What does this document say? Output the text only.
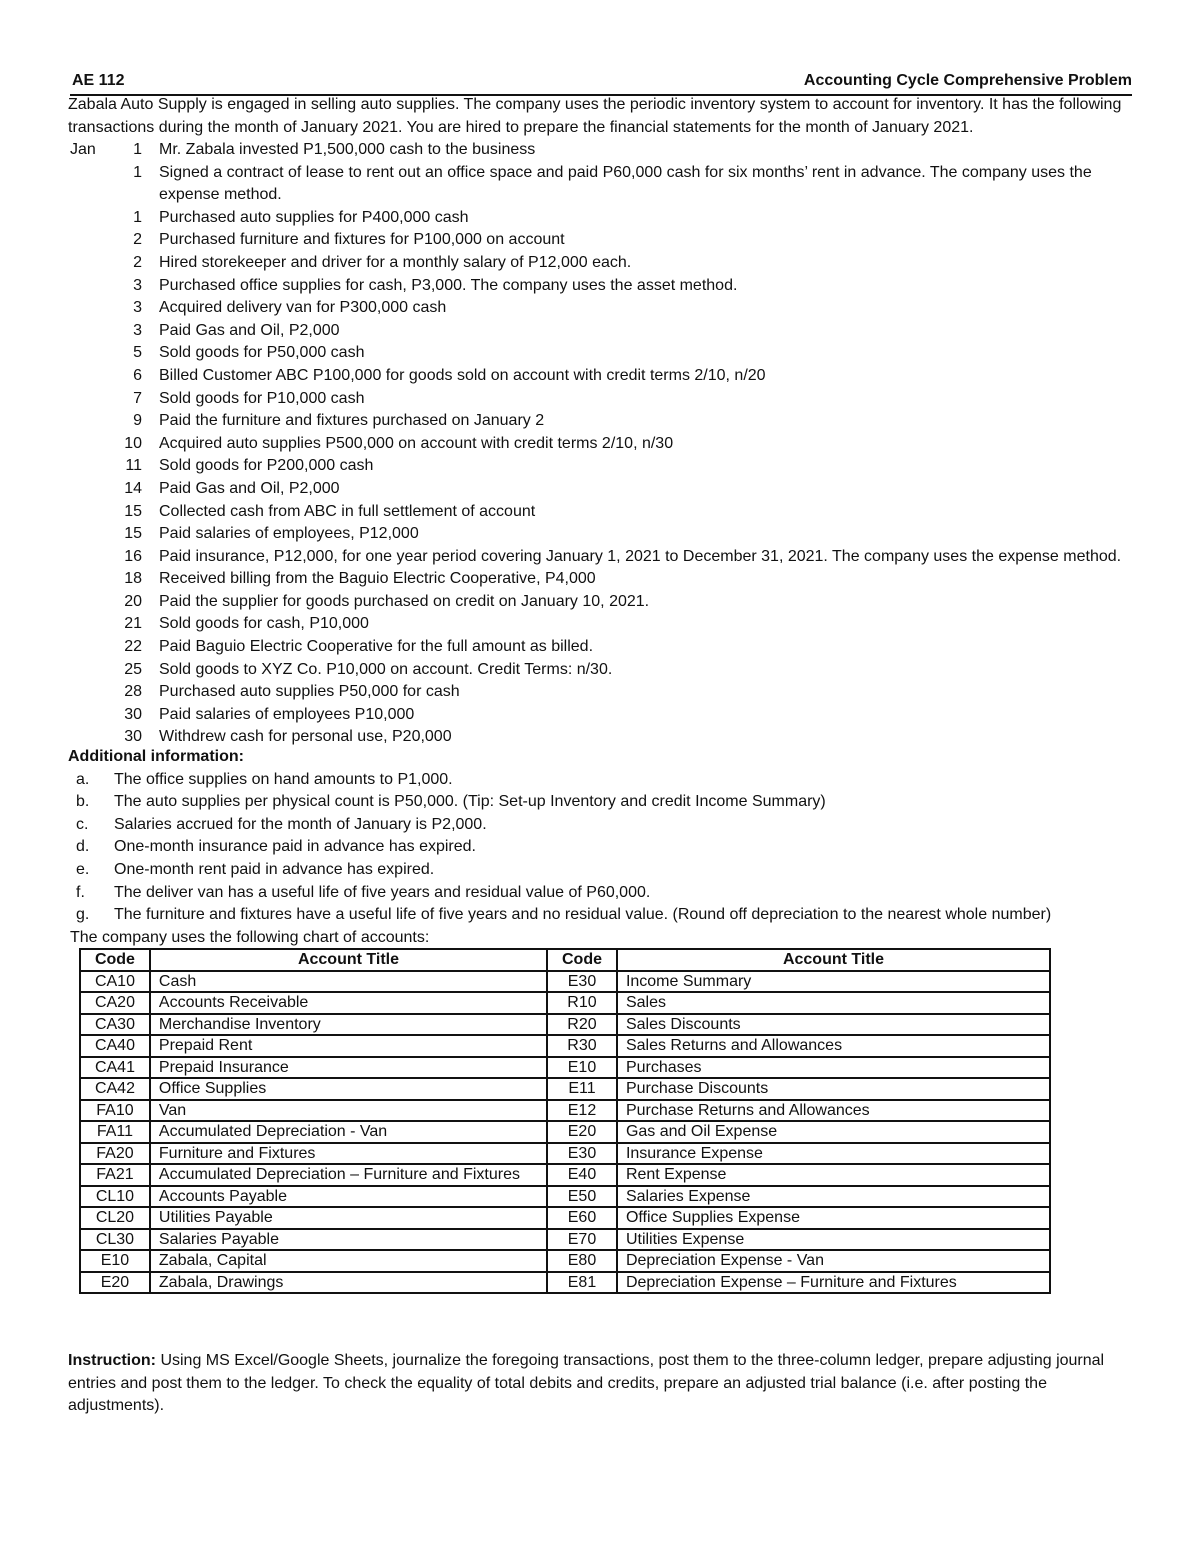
AE 112	Accounting Cycle Comprehensive Problem
Zabala Auto Supply is engaged in selling auto supplies. The company uses the periodic inventory system to account for inventory. It has the following transactions during the month of January 2021. You are hired to prepare the financial statements for the month of January 2021.
Jan	1 Mr. Zabala invested P1,500,000 cash to the business
1 Signed a contract of lease to rent out an office space and paid P60,000 cash for six months’ rent in advance. The company uses the expense method.
1 Purchased auto supplies for P400,000 cash
2 Purchased furniture and fixtures for P100,000 on account
2 Hired storekeeper and driver for a monthly salary of P12,000 each.
3 Purchased office supplies for cash, P3,000. The company uses the asset method.
3 Acquired delivery van for P300,000 cash
3 Paid Gas and Oil, P2,000
5 Sold goods for P50,000 cash
6 Billed Customer ABC P100,000 for goods sold on account with credit terms 2/10, n/20
7 Sold goods for P10,000 cash
9 Paid the furniture and fixtures purchased on January 2
10 Acquired auto supplies P500,000 on account with credit terms 2/10, n/30
11 Sold goods for P200,000 cash
14 Paid Gas and Oil, P2,000
15 Collected cash from ABC in full settlement of account
15 Paid salaries of employees, P12,000
16 Paid insurance, P12,000, for one year period covering January 1, 2021 to December 31, 2021. The company uses the expense method.
18 Received billing from the Baguio Electric Cooperative, P4,000
20 Paid the supplier for goods purchased on credit on January 10, 2021.
21 Sold goods for cash, P10,000
22 Paid Baguio Electric Cooperative for the full amount as billed.
25 Sold goods to XYZ Co. P10,000 on account. Credit Terms: n/30.
28 Purchased auto supplies P50,000 for cash
30 Paid salaries of employees P10,000
30 Withdrew cash for personal use, P20,000
Additional information:
a. The office supplies on hand amounts to P1,000.
b. The auto supplies per physical count is P50,000. (Tip: Set-up Inventory and credit Income Summary)
c. Salaries accrued for the month of January is P2,000.
d. One-month insurance paid in advance has expired.
e. One-month rent paid in advance has expired.
f. The deliver van has a useful life of five years and residual value of P60,000.
g. The furniture and fixtures have a useful life of five years and no residual value. (Round off depreciation to the nearest whole number)
The company uses the following chart of accounts:
Code	Account Title	Code	Account Title
CA10	Cash	E30	Income Summary
CA20	Accounts Receivable	R10	Sales
CA30	Merchandise Inventory	R20	Sales Discounts
CA40	Prepaid Rent	R30	Sales Returns and Allowances
CA41	Prepaid Insurance	E10	Purchases
CA42	Office Supplies	E11	Purchase Discounts
FA10	Van	E12	Purchase Returns and Allowances
FA11	Accumulated Depreciation - Van	E20	Gas and Oil Expense
FA20	Furniture and Fixtures	E30	Insurance Expense
FA21	Accumulated Depreciation – Furniture and Fixtures	E40	Rent Expense
CL10	Accounts Payable	E50	Salaries Expense
CL20	Utilities Payable	E60	Office Supplies Expense
CL30	Salaries Payable	E70	Utilities Expense
E10	Zabala, Capital	E80	Depreciation Expense - Van
E20	Zabala, Drawings	E81	Depreciation Expense – Furniture and Fixtures
Instruction: Using MS Excel/Google Sheets, journalize the foregoing transactions, post them to the three-column ledger, prepare adjusting journal entries and post them to the ledger. To check the equality of total debits and credits, prepare an adjusted trial balance (i.e. after posting the adjustments).
